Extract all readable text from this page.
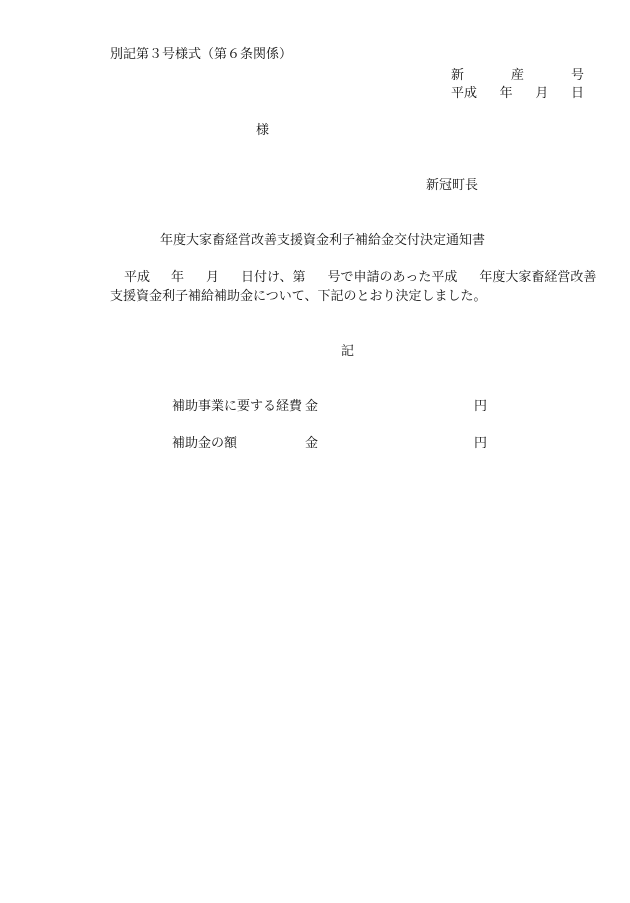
別記第３号様式（第６条関係）
新	産	号
平成 年 月 日
様
新冠町長
年度大家畜経営改善支援資金利子補給金交付決定通知書
平成 年 月 日付け、第 号で申請のあった平成 年度大家畜経営改善
支援資金利子補給補助金について、下記のとおり決定しました。
記
補助事業に要する経費 金	円
補助金の額	金	円
